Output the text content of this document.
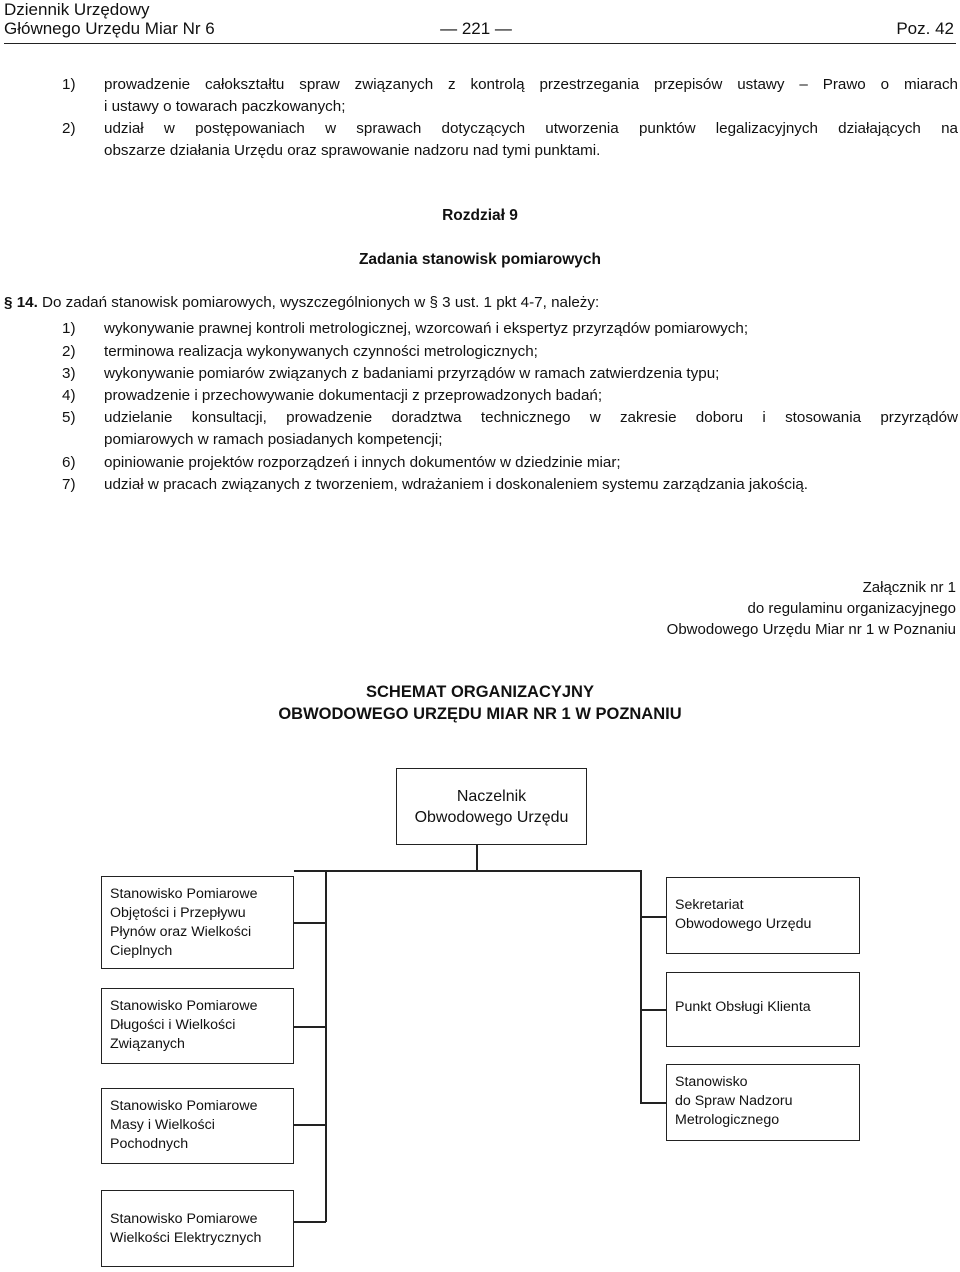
Dziennik Urzędowy
Głównego Urzędu Miar Nr 6	— 221 —	Poz. 42
1)	prowadzenie całokształtu spraw związanych z kontrolą przestrzegania przepisów ustawy – Prawo o miarach
i ustawy o towarach paczkowanych;
2)	udział w postępowaniach w sprawach dotyczących utworzenia punktów legalizacyjnych działających na
obszarze działania Urzędu oraz sprawowanie nadzoru nad tymi punktami.
Rozdział 9
Zadania stanowisk pomiarowych
§ 14. Do zadań stanowisk pomiarowych, wyszczególnionych w § 3 ust. 1 pkt 4-7, należy:
1)	wykonywanie prawnej kontroli metrologicznej, wzorcowań i ekspertyz przyrządów pomiarowych;
2)	terminowa realizacja wykonywanych czynności metrologicznych;
3)	wykonywanie pomiarów związanych z badaniami przyrządów w ramach zatwierdzenia typu;
4)	prowadzenie i przechowywanie dokumentacji z przeprowadzonych badań;
5)	udzielanie konsultacji, prowadzenie doradztwa technicznego w zakresie doboru i stosowania przyrządów
pomiarowych w ramach posiadanych kompetencji;
6)	opiniowanie projektów rozporządzeń i innych dokumentów w dziedzinie miar;
7)	udział w pracach związanych z tworzeniem, wdrażaniem i doskonaleniem systemu zarządzania jakością.
Załącznik nr 1
do regulaminu organizacyjnego
Obwodowego Urzędu Miar nr 1 w Poznaniu
SCHEMAT ORGANIZACYJNY
OBWODOWEGO URZĘDU MIAR NR 1 W POZNANIU
Naczelnik
Obwodowego Urzędu
Stanowisko Pomiarowe
Objętości i Przepływu
Płynów oraz Wielkości
Cieplnych
Stanowisko Pomiarowe
Długości i Wielkości
Związanych
Stanowisko Pomiarowe
Masy i Wielkości
Pochodnych
Stanowisko Pomiarowe
Wielkości Elektrycznych
Sekretariat
Obwodowego Urzędu
Punkt Obsługi Klienta
Stanowisko
do Spraw Nadzoru
Metrologicznego
